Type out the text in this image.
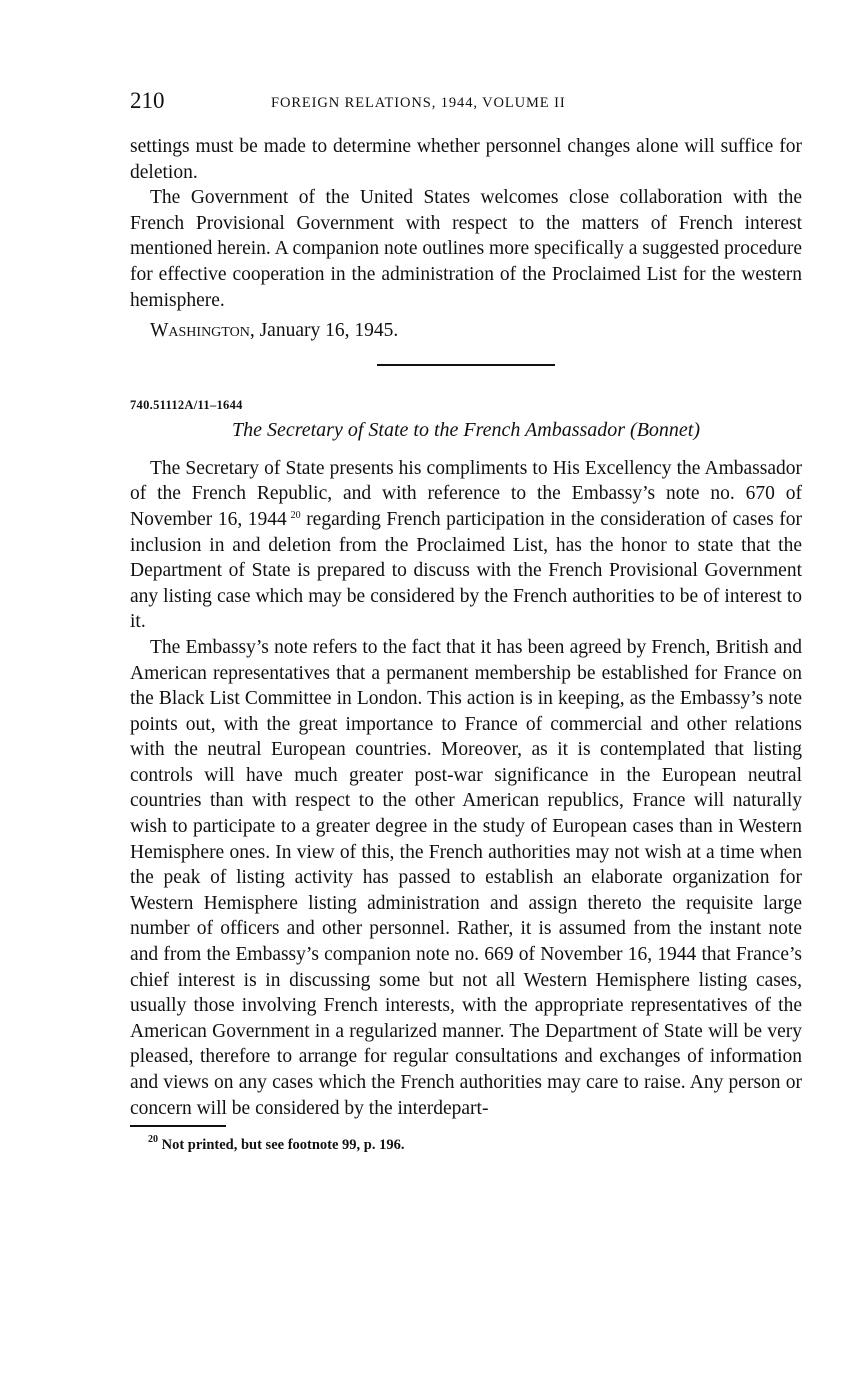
210	FOREIGN RELATIONS, 1944, VOLUME II

settings must be made to determine whether personnel changes alone will suffice for deletion.

The Government of the United States welcomes close collaboration with the French Provisional Government with respect to the matters of French interest mentioned herein. A companion note outlines more specifically a suggested procedure for effective cooperation in the administration of the Proclaimed List for the western hemisphere.

Washington, January 16, 1945.

740.51112A/11–1644
The Secretary of State to the French Ambassador (Bonnet)

The Secretary of State presents his compliments to His Excellency the Ambassador of the French Republic, and with reference to the Embassy’s note no. 670 of November 16, 1944  $^{20}$ regarding French participation in the consideration of cases for inclusion in and deletion from the Proclaimed List, has the honor to state that the Department of State is prepared to discuss with the French Provisional Government any listing case which may be considered by the French authorities to be of interest to it.

The Embassy’s note refers to the fact that it has been agreed by French, British and American representatives that a permanent membership be established for France on the Black List Committee in London. This action is in keeping, as the Embassy’s note points out, with the great importance to France of commercial and other relations with the neutral European countries. Moreover, as it is contemplated that listing controls will have much greater post-war significance in the European neutral countries than with respect to the other American republics, France will naturally wish to participate to a greater degree in the study of European cases than in Western Hemisphere ones. In view of this, the French authorities may not wish at a time when the peak of listing activity has passed to establish an elaborate organization for Western Hemisphere listing administration and assign thereto the requisite large number of officers and other personnel. Rather, it is assumed from the instant note and from the Embassy’s companion note no. 669 of November 16, 1944 that France’s chief interest is in discussing some but not all Western Hemisphere listing cases, usually those involving French interests, with the appropriate representatives of the American Government in a regularized manner. The Department of State will be very pleased, therefore to arrange for regular consultations and exchanges of information and views on any cases which the French authorities may care to raise. Any person or concern will be considered by the interdepart-

$^{20}$ Not printed, but see footnote 99, p. 196.
